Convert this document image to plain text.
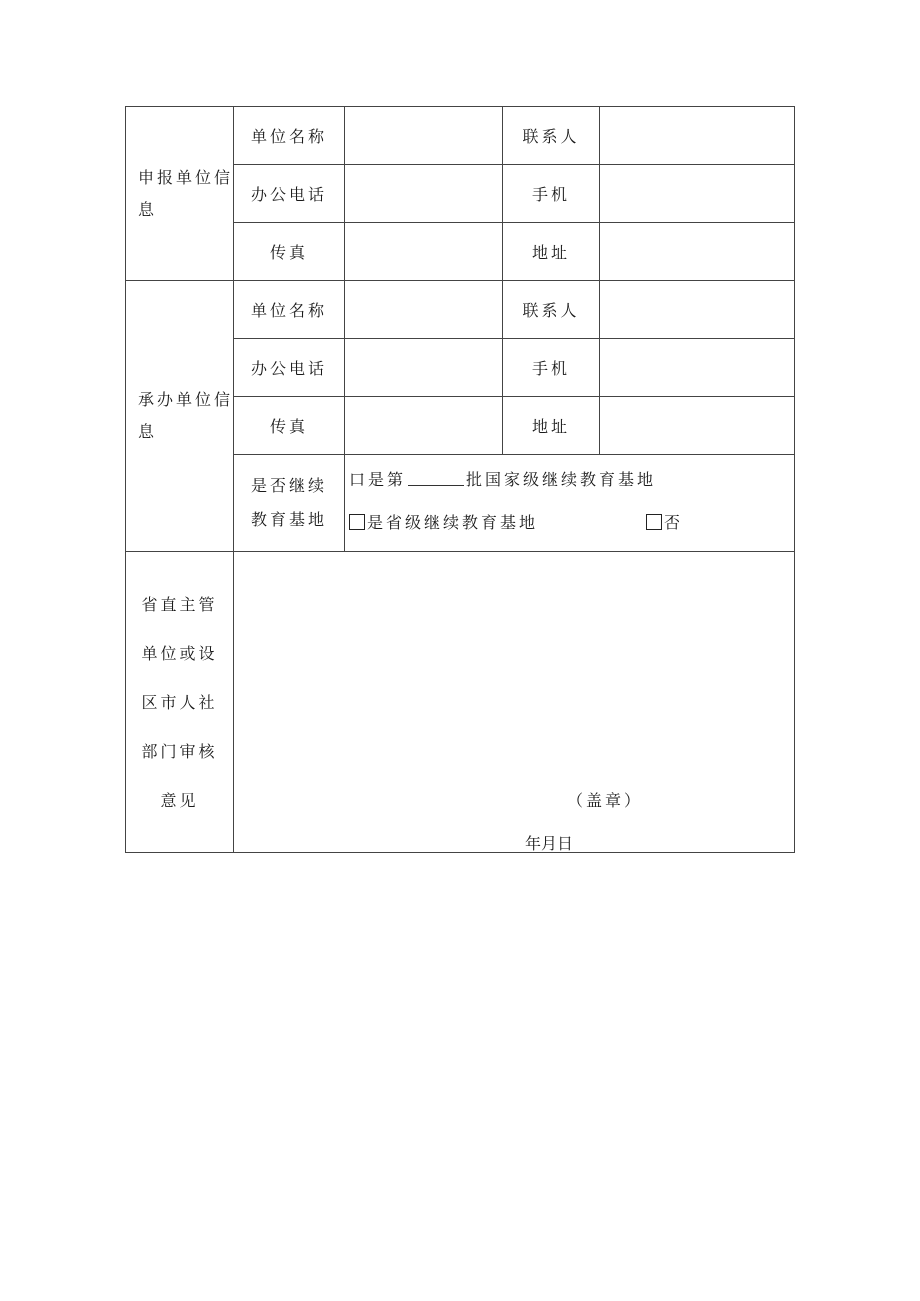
申报单位信息	单位名称		联系人	
	办公电话		手机	
	传真		地址	
承办单位信息	单位名称		联系人	
	办公电话		手机	
	传真		地址	
	是否继续教育基地	口是第 批国家级继续教育基地
是省级继续教育基地 否		

省直主管单位或设区市人社部门审核意见	（盖章）
年月日			
